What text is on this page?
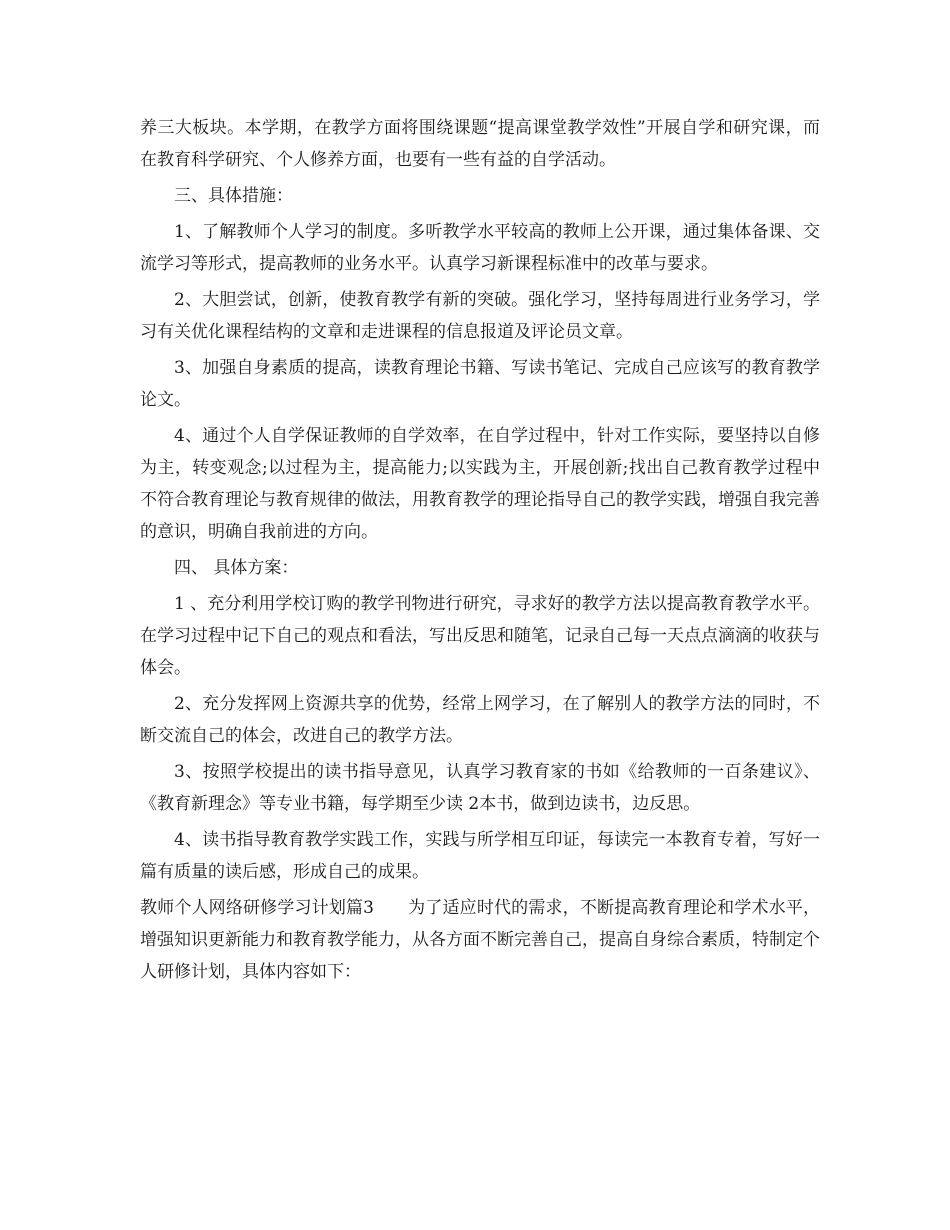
养三大板块。本学期，在教学方面将围绕课题“提高课堂教学效性”开展自学和研究课，而在教育科学研究、个人修养方面，也要有一些有益的自学活动。

三、具体措施：

1、了解教师个人学习的制度。多听教学水平较高的教师上公开课，通过集体备课、交流学习等形式，提高教师的业务水平。认真学习新课程标准中的改革与要求。

2、大胆尝试，创新，使教育教学有新的突破。强化学习，坚持每周进行业务学习，学习有关优化课程结构的文章和走进课程的信息报道及评论员文章。

3、加强自身素质的提高，读教育理论书籍、写读书笔记、完成自己应该写的教育教学论文。

4、通过个人自学保证教师的自学效率，在自学过程中，针对工作实际，要坚持以自修为主，转变观念;以过程为主，提高能力;以实践为主，开展创新;找出自己教育教学过程中不符合教育理论与教育规律的做法，用教育教学的理论指导自己的教学实践，增强自我完善的意识，明确自我前进的方向。

四、 具体方案：

1 、充分利用学校订购的教学刊物进行研究，寻求好的教学方法以提高教育教学水平。在学习过程中记下自己的观点和看法，写出反思和随笔，记录自己每一天点点滴滴的收获与体会。

2、充分发挥网上资源共享的优势，经常上网学习，在了解别人的教学方法的同时，不断交流自己的体会，改进自己的教学方法。

3、按照学校提出的读书指导意见，认真学习教育家的书如《给教师的一百条建议》、《教育新理念》等专业书籍，每学期至少读 2本书，做到边读书，边反思。

4、读书指导教育教学实践工作，实践与所学相互印证，每读完一本教育专着，写好一篇有质量的读后感，形成自己的成果。

教师个人网络研修学习计划篇3 为了适应时代的需求，不断提高教育理论和学术水平，增强知识更新能力和教育教学能力，从各方面不断完善自己，提高自身综合素质，特制定个人研修计划，具体内容如下：
